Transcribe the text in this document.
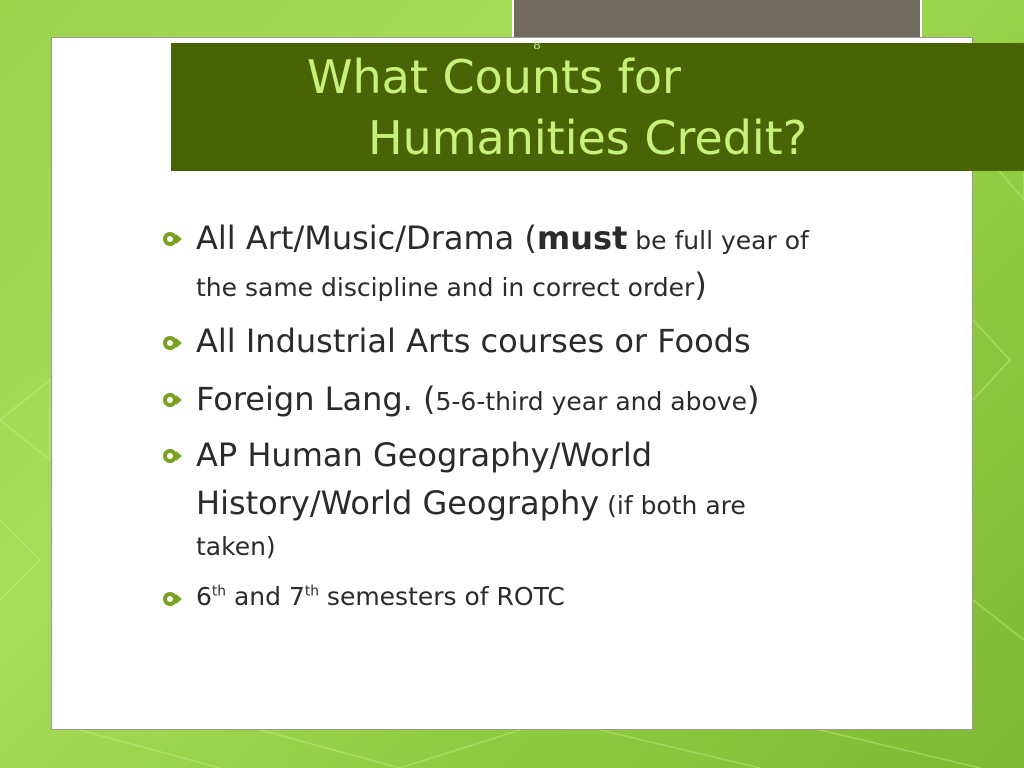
8
What Counts for
Humanities Credit?
All Art/Music/Drama (must be full year of
the same discipline and in correct order)
All Industrial Arts courses or Foods
Foreign Lang. (5-6-third year and above)
AP Human Geography/World
History/World Geography (if both are
taken)
6th and 7th semesters of ROTC
